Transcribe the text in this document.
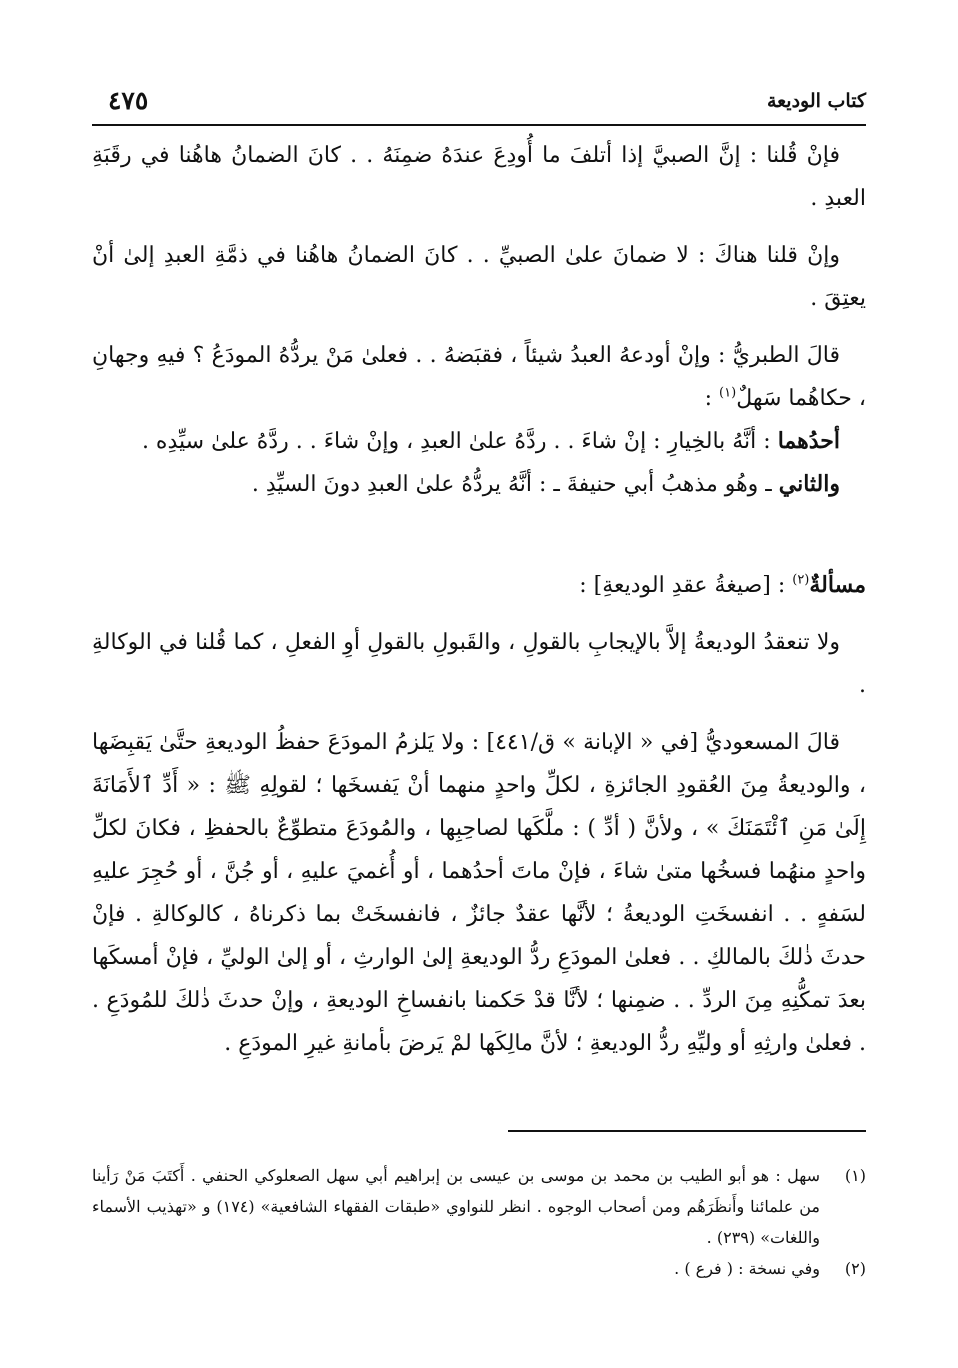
كتاب الوديعة
٤٧٥

فإنْ قُلنا : إنَّ الصبيَّ إذا أتلفَ ما أُودِعَ عندَهُ ضمِنَهُ . . كانَ الضمانُ هاهُنا في رقَبَةِ العبدِ .

وإنْ قلنا هناكَ : لا ضمانَ علىٰ الصبيِّ . . كانَ الضمانُ هاهُنا في ذمَّةِ العبدِ إلىٰ أنْ يعتِقَ .

قالَ الطبريُّ : وإنْ أودعهُ العبدُ شيئاً ، فقبَضهُ . . فعلىٰ مَنْ يردُّهُ المودَعُ ؟ فيهِ وجهانِ ، حكاهُما سَهلٌ$^{(١)}$ :

أحدُهما : أنَّهُ بالخِيارِ : إنْ شاءَ . . ردَّهُ علىٰ العبدِ ، وإنْ شاءَ . . ردَّهُ علىٰ سيِّدِه .

والثاني ـ وهُو مذهبُ أبي حنيفةَ ـ : أنَّهُ يردُّهُ علىٰ العبدِ دونَ السيِّدِ .

مسألةٌ$^{(٢)}$ : [صيغةُ عقدِ الوديعةِ] :

ولا تنعقدُ الوديعةُ إلاَّ بالإيجابِ بالقولِ ، والقَبولِ بالقولِ أوِ الفعلِ ، كما قُلنا في الوكالةِ .

قالَ المسعوديُّ [في « الإبانة » ق/٤٤١] : ولا يَلزمُ المودَعَ حفظُ الوديعةِ حتَّىٰ يَقبِضَها ، والوديعةُ مِنَ العُقودِ الجائزةِ ، لكلِّ واحدٍ منهما أنْ يَفسخَها ؛ لقولِهِ ﷺ : « أَدِّ ٱلأَمَانَةَ إِلَىٰ مَنِ ٱئْتَمَنَكَ » ، ولأنَّ ( أدِّ ) : ملَّكَها لصاحِبِها ، والمُودَعَ متطوِّعٌ بالحفظِ ، فكانَ لكلِّ واحدٍ منهُما فسخُها متىٰ شاءَ ، فإنْ ماتَ أحدُهما ، أو أُغميَ عليهِ ، أو جُنَّ ، أو حُجِرَ عليهِ لسَفهٍ . . انفسخَتِ الوديعةُ ؛ لأنَّها عقدٌ جائزٌ ، فانفسخَتْ بما ذكرناهُ ، كالوكالةِ . فإنْ حدثَ ذٰلكَ بالمالكِ . . فعلىٰ المودَعِ ردُّ الوديعةِ إلىٰ الوارثِ ، أو إلىٰ الوليِّ ، فإنْ أمسكَها بعدَ تمكُّنِهِ مِنَ الردِّ . . ضمِنها ؛ لأنَّا قدْ حَكمنا بانفساخِ الوديعةِ ، وإنْ حدثَ ذٰلكَ للمُودَعِ . . فعلىٰ وارثِهِ أو وليِّهِ ردُّ الوديعةِ ؛ لأنَّ مالِكَها لمْ يَرضَ بأمانةِ غيرِ المودَعِ .

(١)
سهل : هو أبو الطيب بن محمد بن موسى بن عيسى بن إبراهيم أبي سهل الصعلوكي الحنفي . أَكتَبَ مَنْ رَأينا من علمائنا وأَنظَرَهُم ومن أصحاب الوجوه . انظر للنواوي «طبقات الفقهاء الشافعية» (١٧٤) و «تهذيب الأسماء واللغات» (٢٣٩) .
(٢)
وفي نسخة : ( فرع ) .
